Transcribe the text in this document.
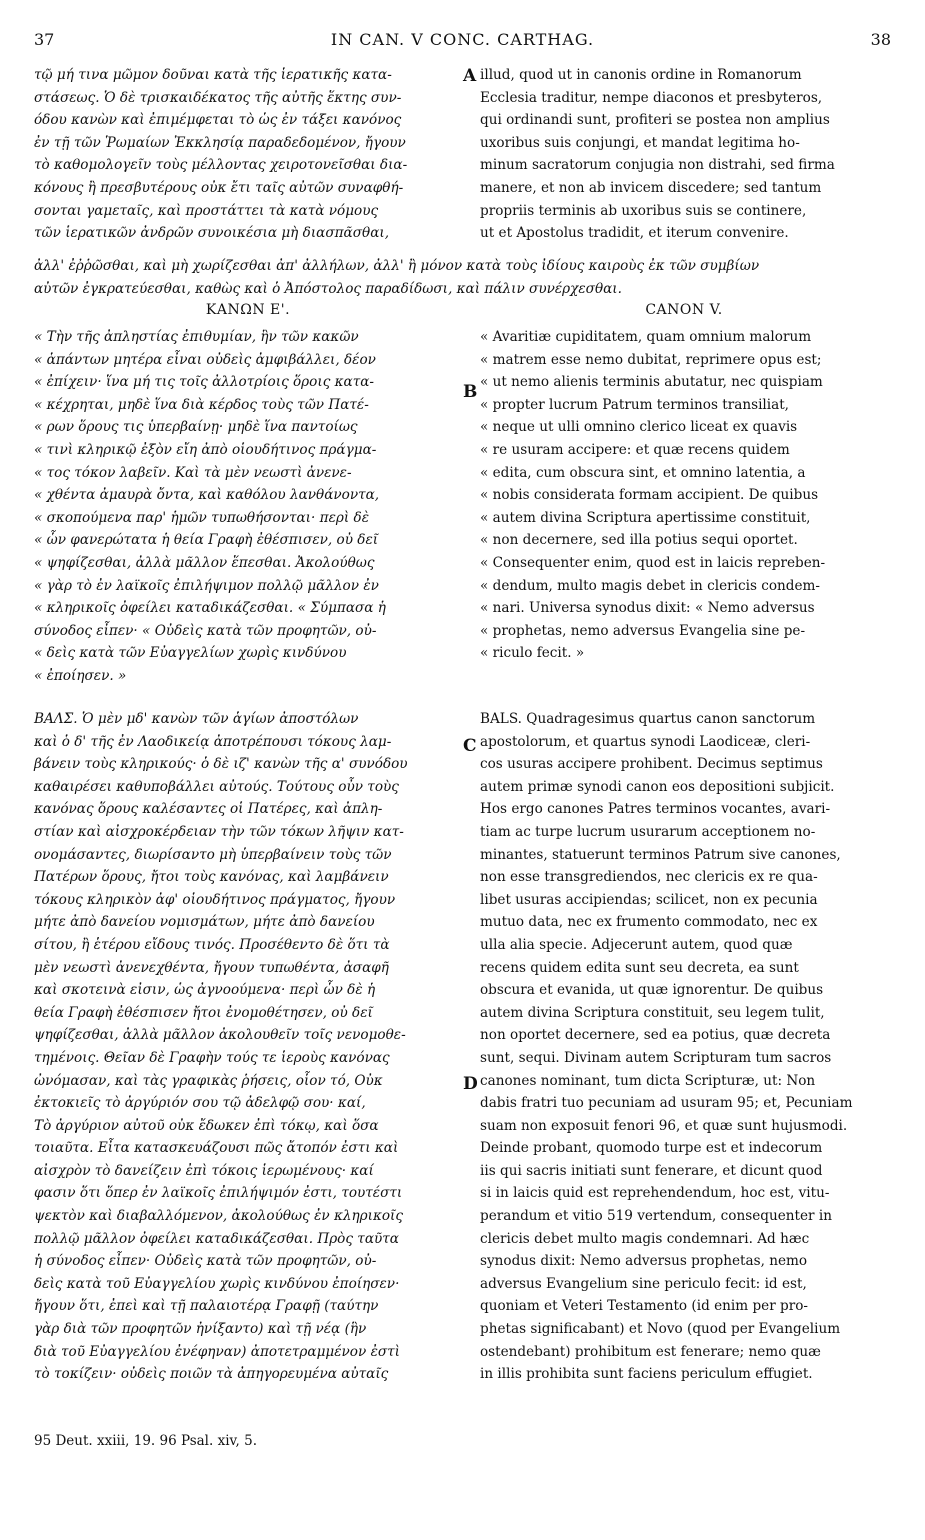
37	IN CAN. V CONC. CARTHAG.	38
A
B
C
D

τῷ μή τινα μῶμον δοῦναι κατὰ τῆς ἱερατικῆς κατα-

στάσεως. Ὁ δὲ τρισκαιδέκατος τῆς αὐτῆς ἕκτης συν-

όδου κανὼν καὶ ἐπιμέμφεται τὸ ὡς ἐν τάξει κανόνος

ἐν τῇ τῶν Ῥωμαίων Ἐκκλησίᾳ παραδεδομένον, ἤγουν

τὸ καθομολογεῖν τοὺς μέλλοντας χειροτονεῖσθαι δια-

κόνους ἢ πρεσβυτέρους οὐκ ἔτι ταῖς αὐτῶν συναφθή-

σονται γαμεταῖς, καὶ προστάττει τὰ κατὰ νόμους

τῶν ἱερατικῶν ἀνδρῶν συνοικέσια μὴ διασπᾶσθαι,

illud, quod ut in canonis ordine in Romanorum

Ecclesia traditur, nempe diaconos et presbyteros,

qui ordinandi sunt, profiteri se postea non amplius

uxoribus suis conjungi, et mandat legitima ho-

minum sacratorum conjugia non distrahi, sed firma

manere, et non ab invicem discedere; sed tantum

propriis terminis ab uxoribus suis se continere,

ut et Apostolus tradidit, et iterum convenire.

ἀλλ' ἐῤῥῶσθαι, καὶ μὴ χωρίζεσθαι ἀπ' ἀλλήλων, ἀλλ' ἢ μόνον κατὰ τοὺς ἰδίους καιροὺς ἐκ τῶν συμβίων

αὐτῶν ἐγκρατεύεσθαι, καθὼς καὶ ὁ Ἀπόστολος παραδίδωσι, καὶ πάλιν συνέρχεσθαι.

ΚΑΝΩΝ Ε'.	CANON V.

« Τὴν τῆς ἀπληστίας ἐπιθυμίαν, ἣν τῶν κακῶν

« ἁπάντων μητέρα εἶναι οὐδεὶς ἀμφιβάλλει, δέον

« ἐπίχειν· ἵνα μή τις τοῖς ἀλλοτρίοις ὅροις κατα-

« κέχρηται, μηδὲ ἵνα διὰ κέρδος τοὺς τῶν Πατέ-

« ρων ὅρους τις ὑπερβαίνῃ· μηδὲ ἵνα παντοίως

« τινὶ κληρικῷ ἐξὸν εἴη ἀπὸ οἱουδήτινος πράγμα-

« τος τόκον λαβεῖν. Καὶ τὰ μὲν νεωστὶ ἀνενε-

« χθέντα ἀμαυρὰ ὄντα, καὶ καθόλου λανθάνοντα,

« σκοπούμενα παρ' ἡμῶν τυπωθήσονται· περὶ δὲ

« ὧν φανερώτατα ἡ θεία Γραφὴ ἐθέσπισεν, οὐ δεῖ

« ψηφίζεσθαι, ἀλλὰ μᾶλλον ἕπεσθαι. Ἀκολούθως

« γὰρ τὸ ἐν λαϊκοῖς ἐπιλήψιμον πολλῷ μᾶλλον ἐν

« κληρικοῖς ὀφείλει καταδικάζεσθαι. « Σύμπασα ἡ

σύνοδος εἶπεν· « Οὐδεὶς κατὰ τῶν προφητῶν, οὐ-

« δεὶς κατὰ τῶν Εὐαγγελίων χωρὶς κινδύνου

« ἐποίησεν. »

« Avaritiæ cupiditatem, quam omnium malorum

« matrem esse nemo dubitat, reprimere opus est;

« ut nemo alienis terminis abutatur, nec quispiam

« propter lucrum Patrum terminos transiliat,

« neque ut ulli omnino clerico liceat ex quavis

« re usuram accipere: et quæ recens quidem

« edita, cum obscura sint, et omnino latentia, a

« nobis considerata formam accipient. De quibus

« autem divina Scriptura apertissime constituit,

« non decernere, sed illa potius sequi oportet.

« Consequenter enim, quod est in laicis repreben-

« dendum, multo magis debet in clericis condem-

« nari. Universa synodus dixit: « Nemo adversus

« prophetas, nemo adversus Evangelia sine pe-

« riculo fecit. »

ΒΑΛΣ. Ὁ μὲν μδ' κανὼν τῶν ἁγίων ἀποστόλων

καὶ ὁ δ' τῆς ἐν Λαοδικείᾳ ἀποτρέπουσι τόκους λαμ-

βάνειν τοὺς κληρικούς· ὁ δὲ ιζ' κανὼν τῆς α' συνόδου

καθαιρέσει καθυποβάλλει αὐτούς. Τούτους οὖν τοὺς

κανόνας ὅρους καλέσαντες οἱ Πατέρες, καὶ ἀπλη-

στίαν καὶ αἰσχροκέρδειαν τὴν τῶν τόκων λῆψιν κατ-

ονομάσαντες, διωρίσαντο μὴ ὑπερβαίνειν τοὺς τῶν

Πατέρων ὅρους, ἤτοι τοὺς κανόνας, καὶ λαμβάνειν

τόκους κληρικὸν ἀφ' οἱουδήτινος πράγματος, ἤγουν

μήτε ἀπὸ δανείου νομισμάτων, μήτε ἀπὸ δανείου

σίτου, ἢ ἑτέρου εἴδους τινός. Προσέθεντο δὲ ὅτι τὰ

μὲν νεωστὶ ἀνενεχθέντα, ἤγουν τυπωθέντα, ἀσαφῆ

καὶ σκοτεινὰ εἰσιν, ὡς ἀγνοούμενα· περὶ ὧν δὲ ἡ

θεία Γραφὴ ἐθέσπισεν ἤτοι ἐνομοθέτησεν, οὐ δεῖ

ψηφίζεσθαι, ἀλλὰ μᾶλλον ἀκολουθεῖν τοῖς νενομοθε-

τημένοις. Θεῖαν δὲ Γραφὴν τούς τε ἱεροὺς κανόνας

ὠνόμασαν, καὶ τὰς γραφικὰς ῥήσεις, οἷον τό, Οὐκ

ἐκτοκιεῖς τὸ ἀργύριόν σου τῷ ἀδελφῷ σου· καί,

Τὸ ἀργύριον αὐτοῦ οὐκ ἔδωκεν ἐπὶ τόκῳ, καὶ ὅσα

τοιαῦτα. Εἶτα κατασκευάζουσι πῶς ἄτοπόν ἐστι καὶ

αἰσχρὸν τὸ δανείζειν ἐπὶ τόκοις ἱερωμένους· καί

φασιν ὅτι ὅπερ ἐν λαϊκοῖς ἐπιλήψιμόν ἐστι, τουτέστι

ψεκτὸν καὶ διαβαλλόμενον, ἀκολούθως ἐν κληρικοῖς

πολλῷ μᾶλλον ὀφείλει καταδικάζεσθαι. Πρὸς ταῦτα

ἡ σύνοδος εἶπεν· Οὐδεὶς κατὰ τῶν προφητῶν, οὐ-

δεὶς κατὰ τοῦ Εὐαγγελίου χωρὶς κινδύνου ἐποίησεν·

ἤγουν ὅτι, ἐπεὶ καὶ τῇ παλαιοτέρᾳ Γραφῇ (ταύτην

γὰρ διὰ τῶν προφητῶν ἠνίξαντο) καὶ τῇ νέᾳ (ἣν

διὰ τοῦ Εὐαγγελίου ἐνέφηναν) ἀποτετραμμένον ἐστὶ

τὸ τοκίζειν· οὐδεὶς ποιῶν τὰ ἀπηγορευμένα αὐταῖς

BALS. Quadragesimus quartus canon sanctorum

apostolorum, et quartus synodi Laodiceæ, cleri-

cos usuras accipere prohibent. Decimus septimus

autem primæ synodi canon eos depositioni subjicit.

Hos ergo canones Patres terminos vocantes, avari-

tiam ac turpe lucrum usurarum acceptionem no-

minantes, statuerunt terminos Patrum sive canones,

non esse transgrediendos, nec clericis ex re qua-

libet usuras accipiendas; scilicet, non ex pecunia

mutuo data, nec ex frumento commodato, nec ex

ulla alia specie. Adjecerunt autem, quod quæ

recens quidem edita sunt seu decreta, ea sunt

obscura et evanida, ut quæ ignorentur. De quibus

autem divina Scriptura constituit, seu legem tulit,

non oportet decernere, sed ea potius, quæ decreta

sunt, sequi. Divinam autem Scripturam tum sacros

canones nominant, tum dicta Scripturæ, ut: Non

dabis fratri tuo pecuniam ad usuram 95; et, Pecuniam

suam non exposuit fenori 96, et quæ sunt hujusmodi.

Deinde probant, quomodo turpe est et indecorum

iis qui sacris initiati sunt fenerare, et dicunt quod

si in laicis quid est reprehendendum, hoc est, vitu-

perandum et vitio 519 vertendum, consequenter in

clericis debet multo magis condemnari. Ad hæc

synodus dixit: Nemo adversus prophetas, nemo

adversus Evangelium sine periculo fecit: id est,

quoniam et Veteri Testamento (id enim per pro-

phetas significabant) et Novo (quod per Evangelium

ostendebant) prohibitum est fenerare; nemo quæ

in illis prohibita sunt faciens periculum effugiet.

95 Deut. xxiii, 19. 96 Psal. xiv, 5.
